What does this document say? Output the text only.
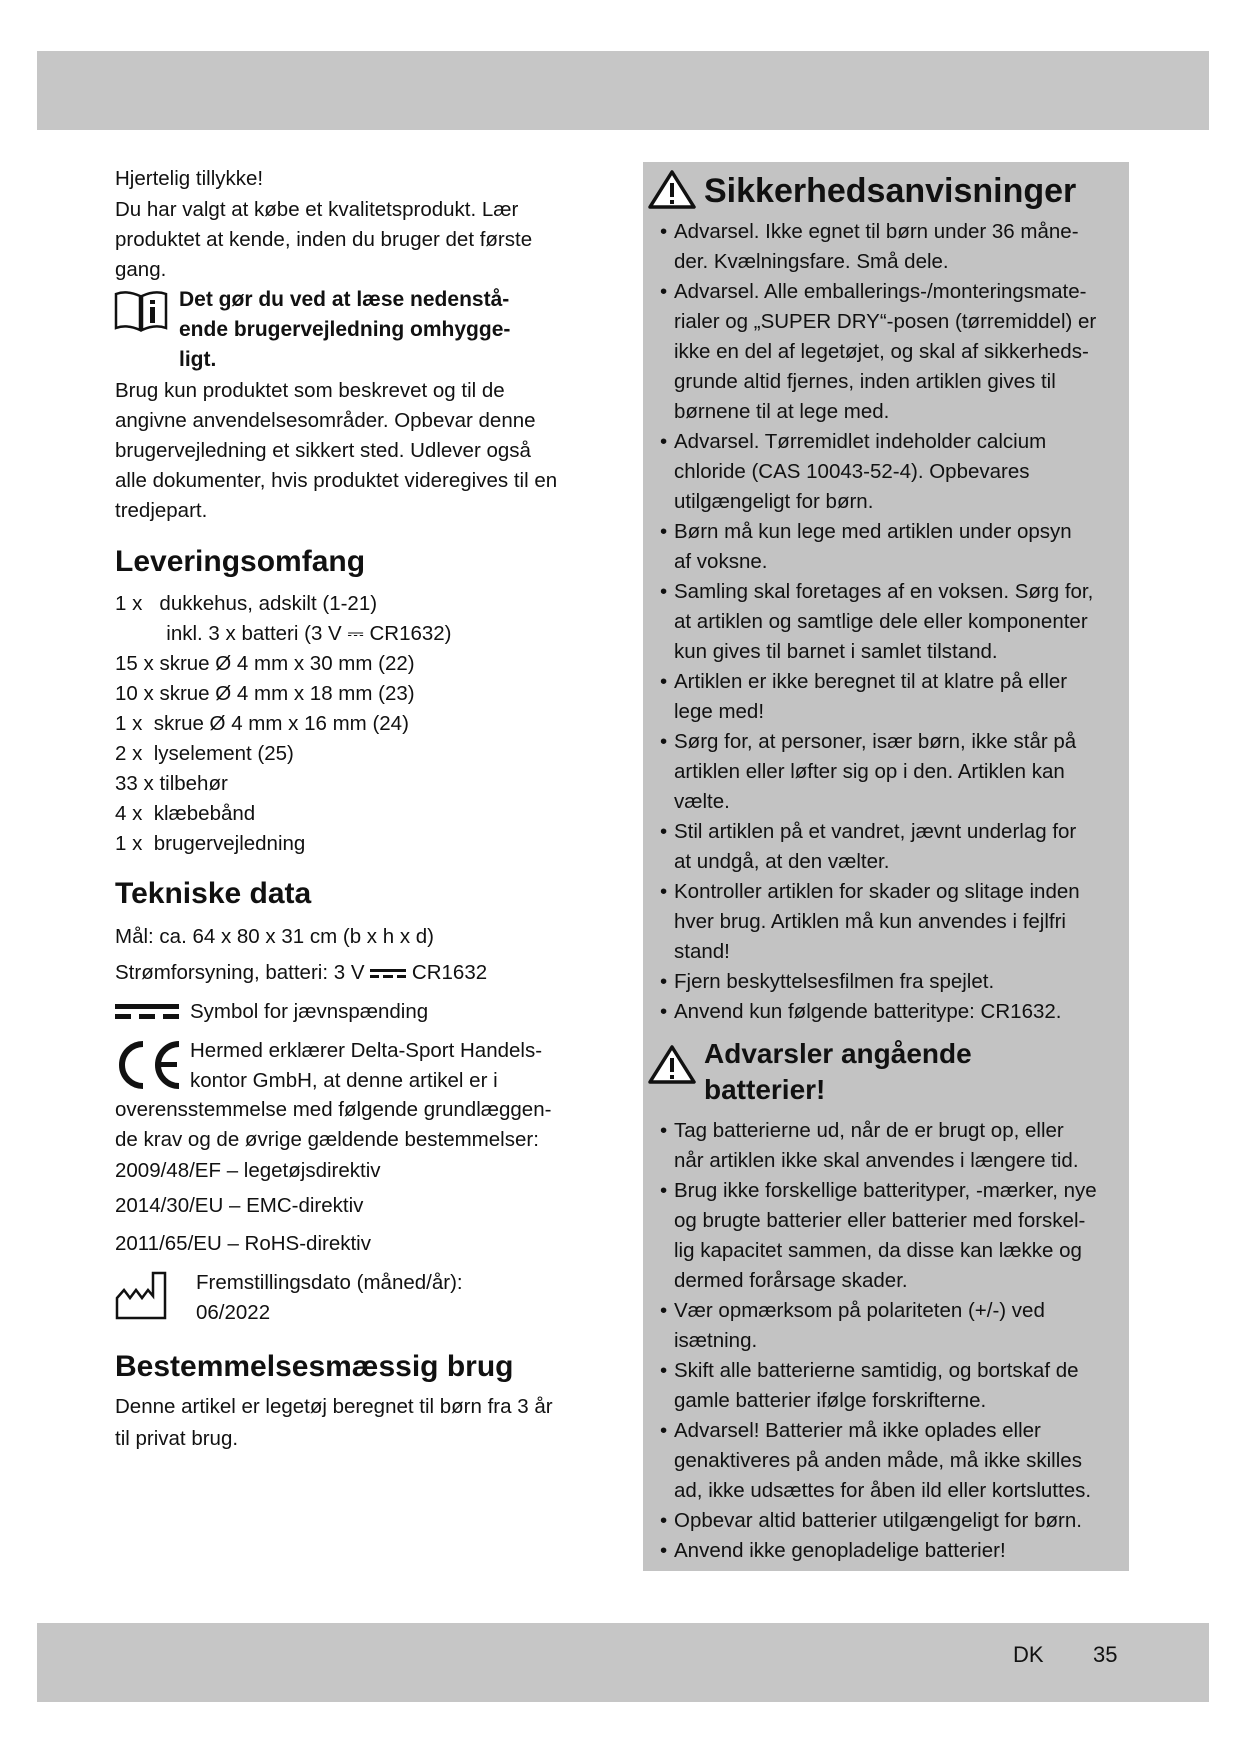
Hjertelig tillykke!
Du har valgt at købe et kvalitetsprodukt. Lær
produktet at kende, inden du bruger det første
gang.
Det gør du ved at læse nedenstå-
ende brugervejledning omhygge-
ligt.
Brug kun produktet som beskrevet og til de
angivne anvendelsesområder. Opbevar denne
brugervejledning et sikkert sted. Udlever også
alle dokumenter, hvis produktet videregives til en
tredjepart.
Leveringsomfang
1 x   dukkehus, adskilt (1-21)
inkl. 3 x batteri (3 V ⎓ CR1632)
15 x skrue Ø 4 mm x 30 mm (22)
10 x skrue Ø 4 mm x 18 mm (23)
1 x  skrue Ø 4 mm x 16 mm (24)
2 x  lyselement (25)
33 x tilbehør
4 x  klæbebånd
1 x  brugervejledning
Tekniske data
Mål: ca. 64 x 80 x 31 cm (b x h x d)
Strømforsyning, batteri: 3 V CR1632
Symbol for jævnspænding
Hermed erklærer Delta-Sport Handels-
kontor GmbH, at denne artikel er i
overensstemmelse med følgende grundlæggen-
de krav og de øvrige gældende bestemmelser:
2009/48/EF – legetøjsdirektiv
2014/30/EU – EMC-direktiv
2011/65/EU – RoHS-direktiv
Fremstillingsdato (måned/år):
06/2022
Bestemmelsesmæssig brug
Denne artikel er legetøj beregnet til børn fra 3 år
til privat brug.
Sikkerhedsanvisninger
• Advarsel. Ikke egnet til børn under 36 måne-
der. Kvælningsfare. Små dele.
• Advarsel. Alle emballerings-/monteringsmate-
rialer og „SUPER DRY“-posen (tørremiddel) er
ikke en del af legetøjet, og skal af sikkerheds-
grunde altid fjernes, inden artiklen gives til
børnene til at lege med.
• Advarsel. Tørremidlet indeholder calcium
chloride (CAS 10043-52-4). Opbevares
utilgængeligt for børn.
• Børn må kun lege med artiklen under opsyn
af voksne.
• Samling skal foretages af en voksen. Sørg for,
at artiklen og samtlige dele eller komponenter
kun gives til barnet i samlet tilstand.
• Artiklen er ikke beregnet til at klatre på eller
lege med!
• Sørg for, at personer, især børn, ikke står på
artiklen eller løfter sig op i den. Artiklen kan
vælte.
• Stil artiklen på et vandret, jævnt underlag for
at undgå, at den vælter.
• Kontroller artiklen for skader og slitage inden
hver brug. Artiklen må kun anvendes i fejlfri
stand!
• Fjern beskyttelsesfilmen fra spejlet.
• Anvend kun følgende batteritype: CR1632.
Advarsler angående
batterier!
• Tag batterierne ud, når de er brugt op, eller
når artiklen ikke skal anvendes i længere tid.
• Brug ikke forskellige batterityper, -mærker, nye
og brugte batterier eller batterier med forskel-
lig kapacitet sammen, da disse kan lække og
dermed forårsage skader.
• Vær opmærksom på polariteten (+/-) ved
isætning.
• Skift alle batterierne samtidig, og bortskaf de
gamle batterier ifølge forskrifterne.
• Advarsel! Batterier må ikke oplades eller
genaktiveres på anden måde, må ikke skilles
ad, ikke udsættes for åben ild eller kortsluttes.
• Opbevar altid batterier utilgængeligt for børn.
• Anvend ikke genopladelige batterier!
DK 35
